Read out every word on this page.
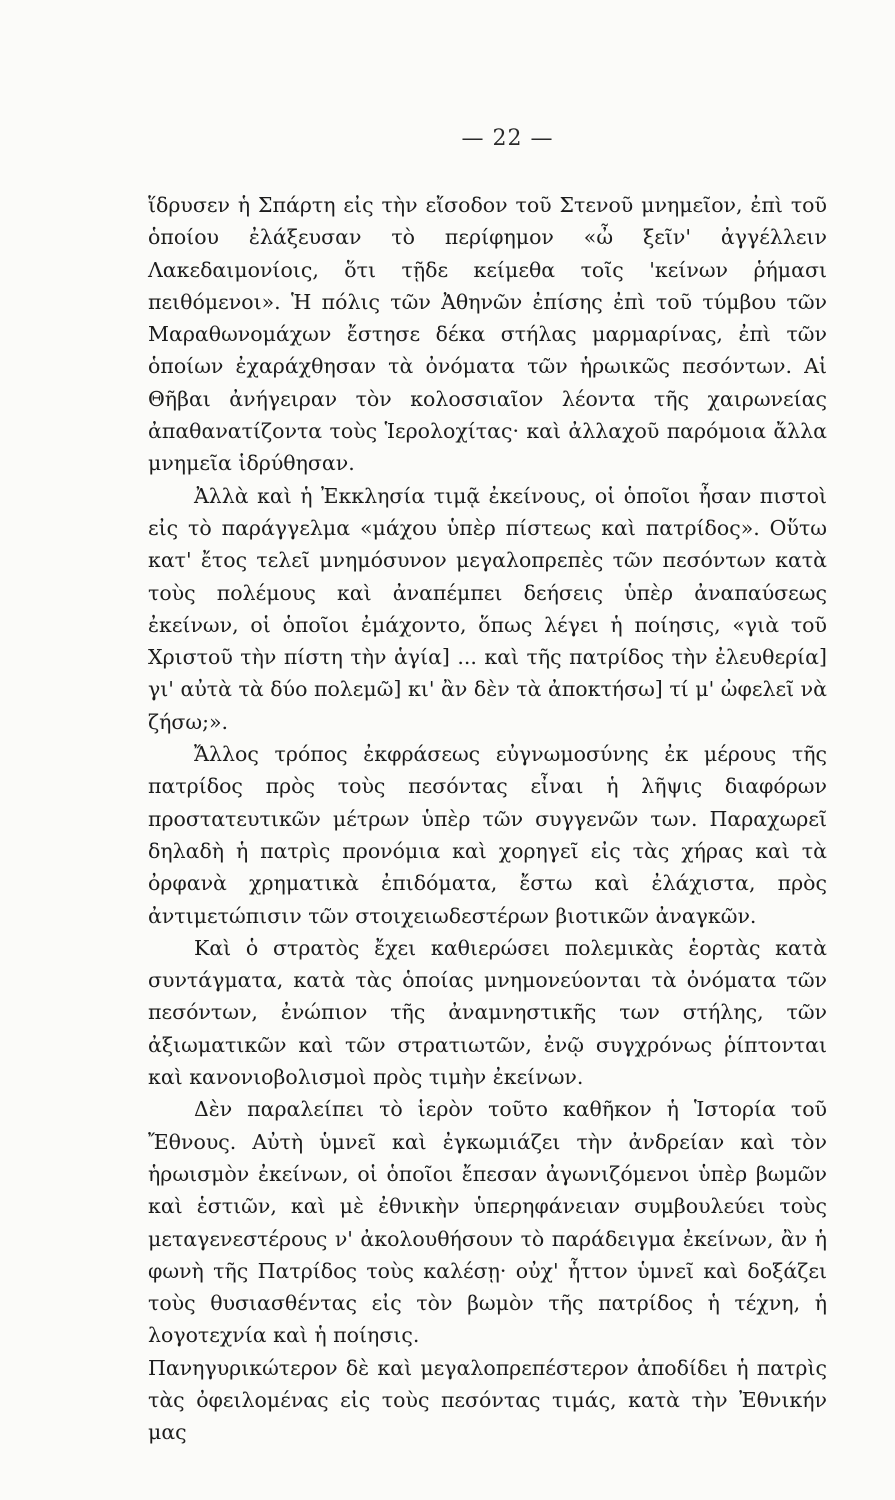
— 22 —

ἵδρυσεν ἡ Σπάρτη εἰς τὴν εἴσοδον τοῦ Στενοῦ μνημεῖον, ἐπὶ τοῦ ὁποίου ἐλάξευσαν τὸ περίφημον «ὦ ξεῖν' ἀγγέλλειν Λακεδαιμονίοις, ὅτι τῇδε κείμεθα τοῖς 'κείνων ῥήμασι πειθόμενοι». Ἡ πόλις τῶν Ἀθηνῶν ἐπίσης ἐπὶ τοῦ τύμβου τῶν Μαραθωνομάχων ἔστησε δέκα στήλας μαρμαρίνας, ἐπὶ τῶν ὁποίων ἐχαράχθησαν τὰ ὀνόματα τῶν ἡρωικῶς πεσόντων. Αἱ Θῆβαι ἀνήγειραν τὸν κολοσσιαῖον λέοντα τῆς χαιρωνείας ἀπαθανατίζοντα τοὺς Ἱερολοχίτας· καὶ ἀλλαχοῦ παρόμοια ἄλλα μνημεῖα ἱδρύθησαν.

Ἀλλὰ καὶ ἡ Ἐκκλησία τιμᾷ ἐκείνους, οἱ ὁποῖοι ἦσαν πιστοὶ εἰς τὸ παράγγελμα «μάχου ὑπὲρ πίστεως καὶ πατρίδος». Οὕτω κατ' ἔτος τελεῖ μνημόσυνον μεγαλοπρεπὲς τῶν πεσόντων κατὰ τοὺς πολέμους καὶ ἀναπέμπει δεήσεις ὑπὲρ ἀναπαύσεως ἐκείνων, οἱ ὁποῖοι ἐμάχοντο, ὅπως λέγει ἡ ποίησις, «γιὰ τοῦ Χριστοῦ τὴν πίστη τὴν ἁγία] ... καὶ τῆς πατρίδος τὴν ἐλευθερία] γι' αὐτὰ τὰ δύο πολεμῶ] κι' ἂν δὲν τὰ ἀποκτήσω] τί μ' ὠφελεῖ νὰ ζήσω;».

Ἄλλος τρόπος ἐκφράσεως εὐγνωμοσύνης ἐκ μέρους τῆς πατρίδος πρὸς τοὺς πεσόντας εἶναι ἡ λῆψις διαφόρων προστατευτικῶν μέτρων ὑπὲρ τῶν συγγενῶν των. Παραχωρεῖ δηλαδὴ ἡ πατρὶς προνόμια καὶ χορηγεῖ εἰς τὰς χήρας καὶ τὰ ὀρφανὰ χρηματικὰ ἐπιδόματα, ἔστω καὶ ἐλάχιστα, πρὸς ἀντιμετώπισιν τῶν στοιχειωδεστέρων βιοτικῶν ἀναγκῶν.

Καὶ ὁ στρατὸς ἔχει καθιερώσει πολεμικὰς ἑορτὰς κατὰ συντάγματα, κατὰ τὰς ὁποίας μνημονεύονται τὰ ὀνόματα τῶν πεσόντων, ἐνώπιον τῆς ἀναμνηστικῆς των στήλης, τῶν ἀξιωματικῶν καὶ τῶν στρατιωτῶν, ἐνῷ συγχρόνως ῥίπτονται καὶ κανονιοβολισμοὶ πρὸς τιμὴν ἐκείνων.

Δὲν παραλείπει τὸ ἱερὸν τοῦτο καθῆκον ἡ Ἱστορία τοῦ Ἔθνους. Αὐτὴ ὑμνεῖ καὶ ἐγκωμιάζει τὴν ἀνδρείαν καὶ τὸν ἡρωισμὸν ἐκείνων, οἱ ὁποῖοι ἔπεσαν ἀγωνιζόμενοι ὑπὲρ βωμῶν καὶ ἑστιῶν, καὶ μὲ ἐθνικὴν ὑπερηφάνειαν συμβουλεύει τοὺς μεταγενεστέρους ν' ἀκολουθήσουν τὸ παράδειγμα ἐκείνων, ἂν ἡ φωνὴ τῆς Πατρίδος τοὺς καλέσῃ· οὐχ' ἧττον ὑμνεῖ καὶ δοξάζει τοὺς θυσιασθέντας εἰς τὸν βωμὸν τῆς πατρίδος ἡ τέχνη, ἡ λογοτεχνία καὶ ἡ ποίησις.

Πανηγυρικώτερον δὲ καὶ μεγαλοπρεπέστερον ἀποδίδει ἡ πατρὶς τὰς ὀφειλομένας εἰς τοὺς πεσόντας τιμάς, κατὰ τὴν Ἐθνικήν μας
